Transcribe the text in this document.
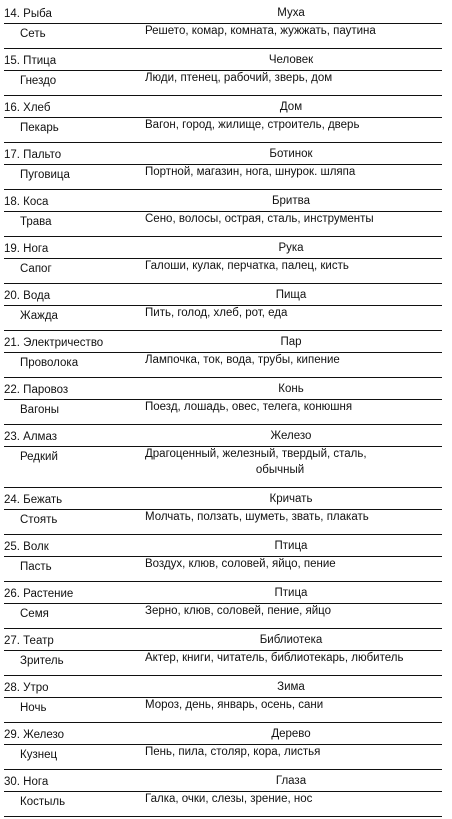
14. Рыба	Муха
Сеть	Решето, комар, комната, жужжать, паутина
15. Птица	Человек
Гнездо	Люди, птенец, рабочий, зверь, дом
16. Хлеб	Дом
Пекарь	Вагон, город, жилище, строитель, дверь
17. Пальто	Ботинок
Пуговица	Портной, магазин, нога, шнурок. шляпа
18. Коса	Бритва
Трава	Сено, волосы, острая, сталь, инструменты
19. Нога	Рука
Сапог	Галоши, кулак, перчатка, палец, кисть
20. Вода	Пища
Жажда	Пить, голод, хлеб, рот, еда
21. Электричество	Пар
Проволока	Лампочка, ток, вода, трубы, кипение
22. Паровоз	Конь
Вагоны	Поезд, лошадь, овес, телега, конюшня
23. Алмаз	Железо
Редкий	Драгоценный, железный, твердый, сталь,
обычный
24. Бежать	Кричать
Стоять	Молчать, ползать, шуметь, звать, плакать
25. Волк	Птица
Пасть	Воздух, клюв, соловей, яйцо, пение
26. Растение	Птица
Семя	Зерно, клюв, соловей, пение, яйцо
27. Театр	Библиотека
Зритель	Актер, книги, читатель, библиотекарь, любитель
28. Утро	Зима
Ночь	Мороз, день, январь, осень, сани
29. Железо	Дерево
Кузнец	Пень, пила, столяр, кора, листья
30. Нога	Глаза
Костыль	Галка, очки, слезы, зрение, нос
